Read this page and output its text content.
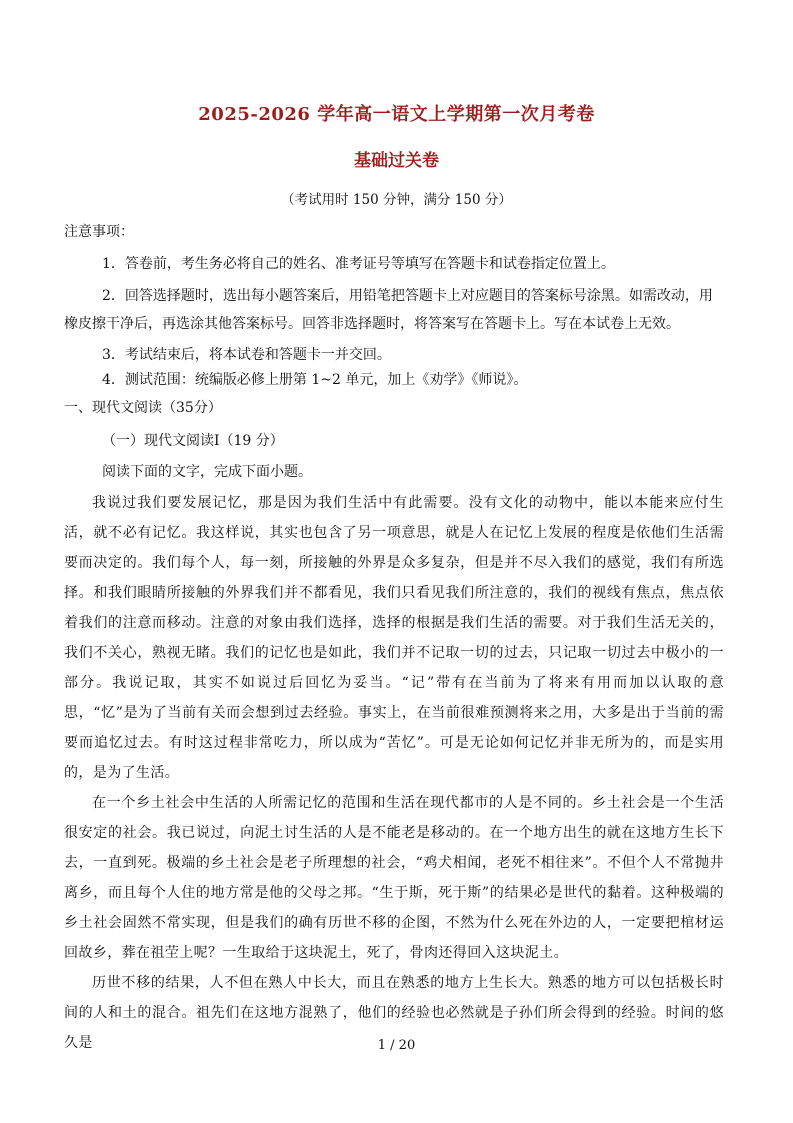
2025-2026 学年高一语文上学期第一次月考卷
基础过关卷
（考试用时 150 分钟，满分 150 分）
注意事项：
1．答卷前，考生务必将自己的姓名、准考证号等填写在答题卡和试卷指定位置上。
2．回答选择题时，选出每小题答案后，用铅笔把答题卡上对应题目的答案标号涂黑。如需改动，用
橡皮擦干净后，再选涂其他答案标号。回答非选择题时，将答案写在答题卡上。写在本试卷上无效。
3．考试结束后，将本试卷和答题卡一并交回。
4．测试范围：统编版必修上册第 1~2 单元，加上《劝学》《师说》。
一、现代文阅读（35分）
（一）现代文阅读Ⅰ（19 分）
阅读下面的文字，完成下面小题。

我说过我们要发展记忆，那是因为我们生活中有此需要。没有文化的动物中，能以本能来应付生活，就不必有记忆。我这样说，其实也包含了另一项意思，就是人在记忆上发展的程度是依他们生活需要而决定的。我们每个人，每一刻，所接触的外界是众多复杂，但是并不尽入我们的感觉，我们有所选择。和我们眼睛所接触的外界我们并不都看见，我们只看见我们所注意的，我们的视线有焦点，焦点依着我们的注意而移动。注意的对象由我们选择，选择的根据是我们生活的需要。对于我们生活无关的，我们不关心，熟视无睹。我们的记忆也是如此，我们并不记取一切的过去，只记取一切过去中极小的一部分。我说记取，其实不如说过后回忆为妥当。“记”带有在当前为了将来有用而加以认取的意思，“忆”是为了当前有关而会想到过去经验。事实上，在当前很难预测将来之用，大多是出于当前的需要而追忆过去。有时这过程非常吃力，所以成为“苦忆”。可是无论如何记忆并非无所为的，而是实用的，是为了生活。

在一个乡土社会中生活的人所需记忆的范围和生活在现代都市的人是不同的。乡土社会是一个生活很安定的社会。我已说过，向泥土讨生活的人是不能老是移动的。在一个地方出生的就在这地方生长下去，一直到死。极端的乡土社会是老子所理想的社会，“鸡犬相闻，老死不相往来”。不但个人不常抛井离乡，而且每个人住的地方常是他的父母之邦。“生于斯，死于斯”的结果必是世代的黏着。这种极端的乡土社会固然不常实现，但是我们的确有历世不移的企图，不然为什么死在外边的人，一定要把棺材运回故乡，葬在祖茔上呢？一生取给于这块泥土，死了，骨肉还得回入这块泥土。

历世不移的结果，人不但在熟人中长大，而且在熟悉的地方上生长大。熟悉的地方可以包括极长时间的人和土的混合。祖先们在这地方混熟了，他们的经验也必然就是子孙们所会得到的经验。时间的悠久是	1 / 20
